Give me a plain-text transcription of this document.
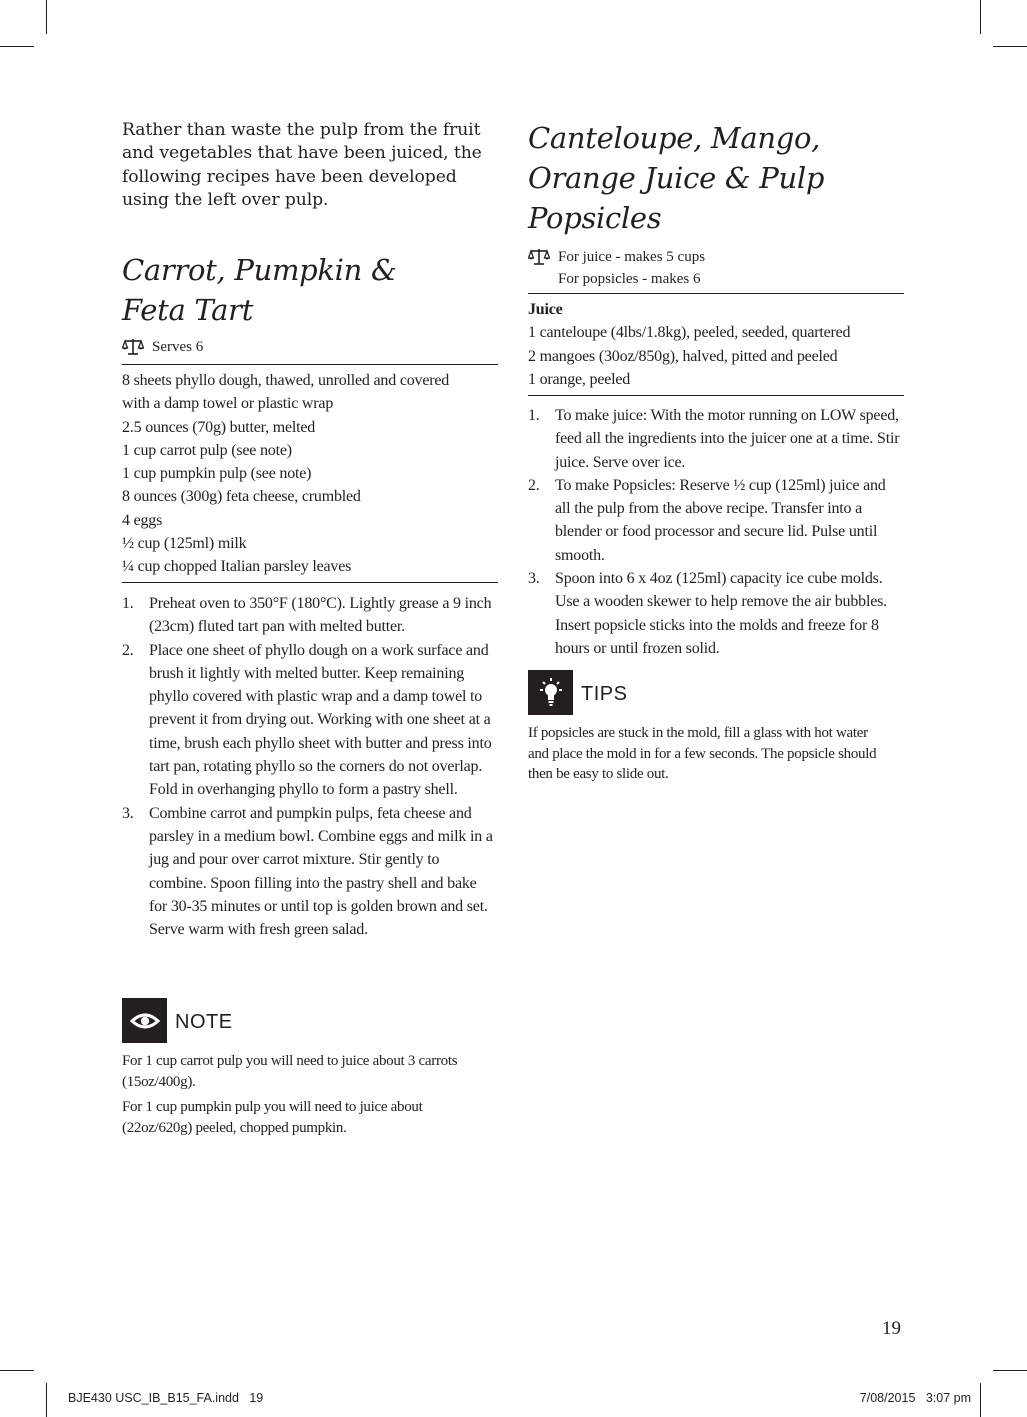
Rather than waste the pulp from the fruit and vegetables that have been juiced, the following recipes have been developed using the left over pulp.

Carrot, Pumpkin &
Feta Tart
Serves 6
8 sheets phyllo dough, thawed, unrolled and covered
with a damp towel or plastic wrap
2.5 ounces (70g) butter, melted
1 cup carrot pulp (see note)
1 cup pumpkin pulp (see note)
8 ounces (300g) feta cheese, crumbled
4 eggs
½ cup (125ml) milk
¼ cup chopped Italian parsley leaves
1. Preheat oven to 350°F (180°C). Lightly grease a 9 inch (23cm) fluted tart pan with melted butter.
2. Place one sheet of phyllo dough on a work surface and brush it lightly with melted butter. Keep remaining phyllo covered with plastic wrap and a damp towel to prevent it from drying out. Working with one sheet at a time, brush each phyllo sheet with butter and press into tart pan, rotating phyllo so the corners do not overlap. Fold in overhanging phyllo to form a pastry shell.
3. Combine carrot and pumpkin pulps, feta cheese and parsley in a medium bowl. Combine eggs and milk in a jug and pour over carrot mixture. Stir gently to combine. Spoon filling into the pastry shell and bake for 30-35 minutes or until top is golden brown and set. Serve warm with fresh green salad.
NOTE

For 1 cup carrot pulp you will need to juice about 3 carrots (15oz/400g).

For 1 cup pumpkin pulp you will need to juice about (22oz/620g) peeled, chopped pumpkin.

Canteloupe, Mango,
Orange Juice & Pulp
Popsicles
For juice - makes 5 cups
For popsicles - makes 6
Juice
1 canteloupe (4lbs/1.8kg), peeled, seeded, quartered
2 mangoes (30oz/850g), halved, pitted and peeled
1 orange, peeled
1. To make juice: With the motor running on LOW speed, feed all the ingredients into the juicer one at a time. Stir juice. Serve over ice.
2. To make Popsicles: Reserve ½ cup (125ml) juice and all the pulp from the above recipe. Transfer into a blender or food processor and secure lid. Pulse until smooth.
3. Spoon into 6 x 4oz (125ml) capacity ice cube molds. Use a wooden skewer to help remove the air bubbles. Insert popsicle sticks into the molds and freeze for 8 hours or until frozen solid.
TIPS

If popsicles are stuck in the mold, fill a glass with hot water and place the mold in for a few seconds. The popsicle should then be easy to slide out.

19
BJE430 USC_IB_B15_FA.indd   19	7/08/2015   3:07 pm
